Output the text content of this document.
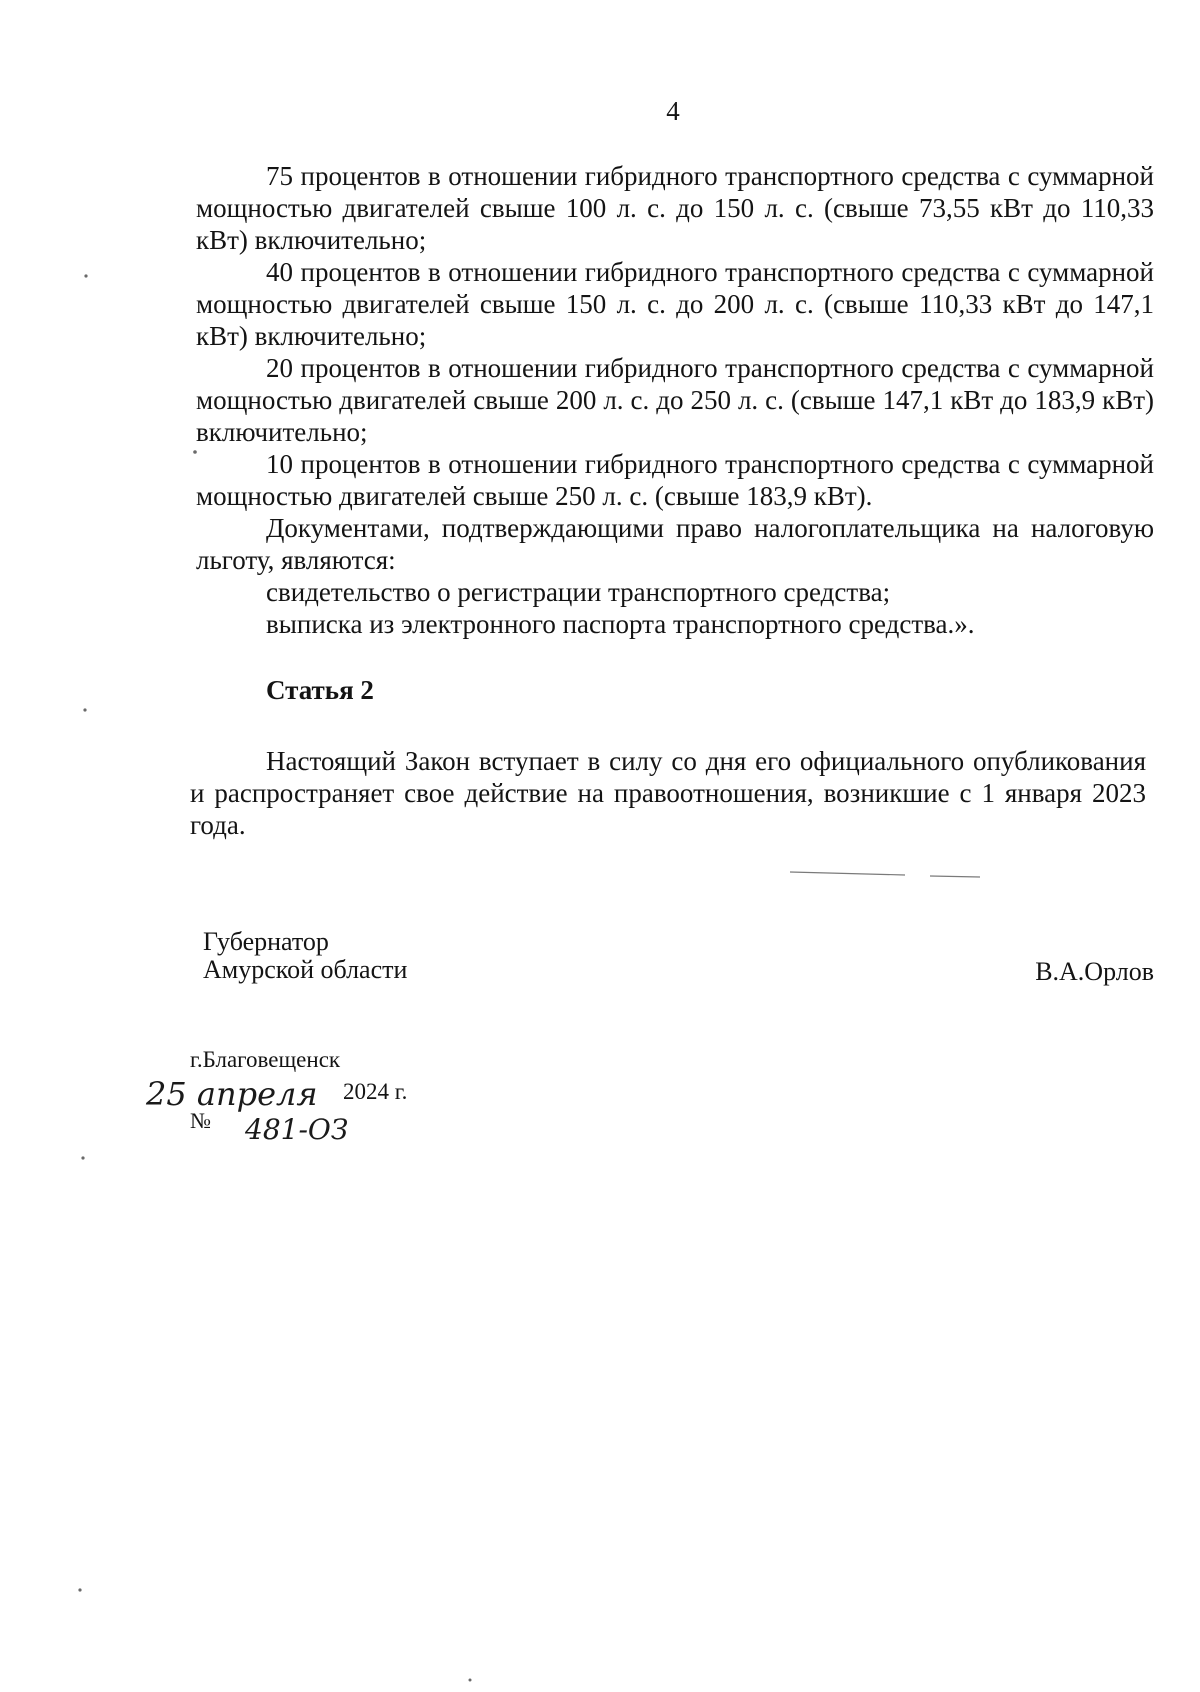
4

75 процентов в отношении гибридного транспортного средства с суммарной мощностью двигателей свыше 100 л. с. до 150 л. с. (свыше 73,55 кВт до 110,33 кВт) включительно;

40 процентов в отношении гибридного транспортного средства с суммарной мощностью двигателей свыше 150 л. с. до 200 л. с. (свыше 110,33 кВт до 147,1 кВт) включительно;

20 процентов в отношении гибридного транспортного средства с суммарной мощностью двигателей свыше 200 л. с. до 250 л. с. (свыше 147,1 кВт до 183,9 кВт) включительно;

10 процентов в отношении гибридного транспортного средства с суммарной мощностью двигателей свыше 250 л. с. (свыше 183,9 кВт).

Документами, подтверждающими право налогоплательщика на налоговую льготу, являются:

свидетельство о регистрации транспортного средства;

выписка из электронного паспорта транспортного средства.».

Статья 2

Настоящий Закон вступает в силу со дня его официального опубликования и распространяет свое действие на правоотношения, возникшие с 1 января 2023 года.

Губернатор
Амурской области	В.А.Орлов
г.Благовещенск
25 апреля 2024 г.
№ 481-ОЗ
